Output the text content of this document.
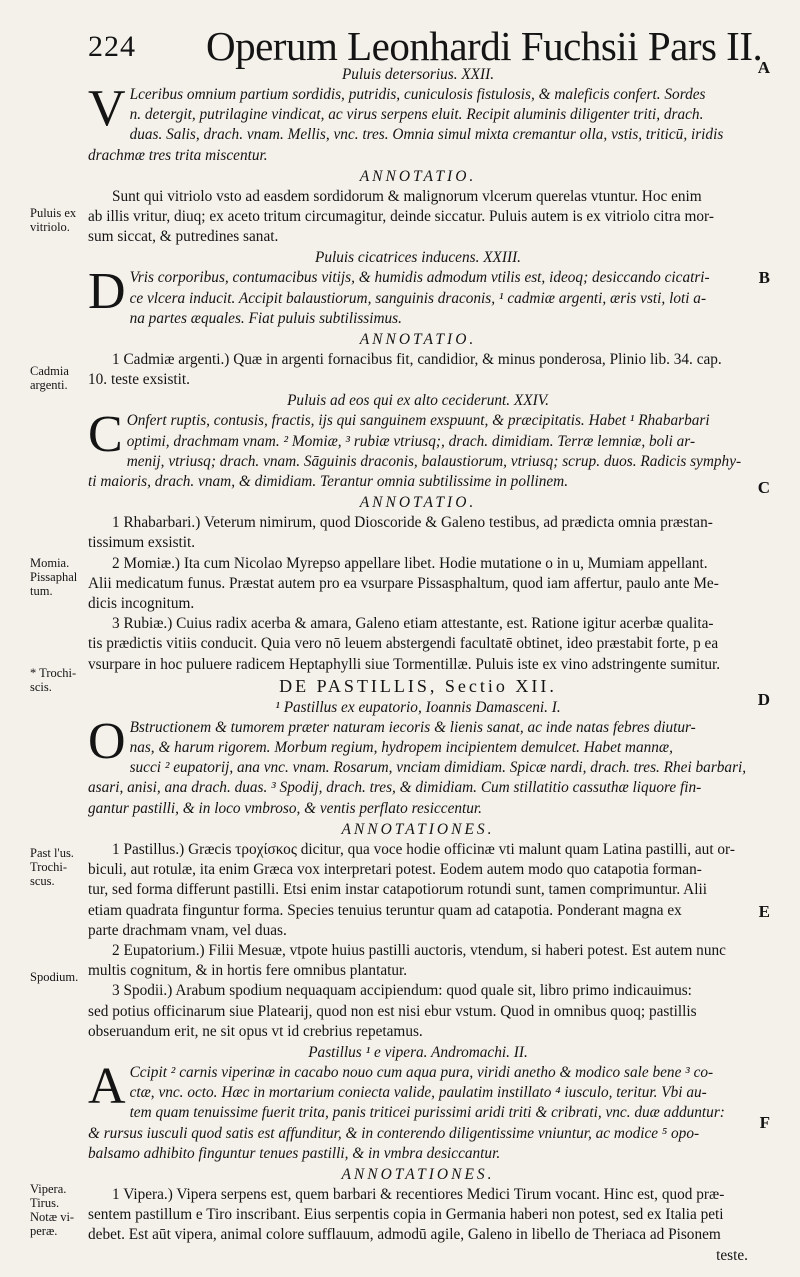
224 Operum Leonhardi Fuchsii Pars II.
A
B
C
D
E
F
Puluis ex
vitriolo.
Cadmia
argenti.
Momia.
Pissaphal
tum.
* Trochi-
scis.
Past l'us.
Trochi-
scus.
Spodium.
Vipera.
Tirus.
Notæ vi-
peræ.
Puluis detersorius. XXII.
V Lceribus omnium partium sordidis, putridis, cuniculosis fistulosis, & maleficis confert. Sordes
n. detergit, putrilagine vindicat, ac virus serpens eluit. Recipit aluminis diligenter triti, drach.
duas. Salis, drach. vnam. Mellis, vnc. tres. Omnia simul mixta cremantur olla, vstis, triticū, iridis
drachmæ tres trita miscentur.
ANNOTATIO.
Sunt qui vitriolo vsto ad easdem sordidorum & malignorum vlcerum querelas vtuntur. Hoc enim
ab illis vritur, diuq; ex aceto tritum circumagitur, deinde siccatur. Puluis autem is ex vitriolo citra mor-
sum siccat, & putredines sanat.
Puluis cicatrices inducens. XXIII.
D Vris corporibus, contumacibus vitijs, & humidis admodum vtilis est, ideoq; desiccando cicatri-
ce vlcera inducit. Accipit balaustiorum, sanguinis draconis, ¹ cadmiæ argenti, æris vsti, loti a-
na partes æquales. Fiat puluis subtilissimus.
ANNOTATIO.
1 Cadmiæ argenti.) Quæ in argenti fornacibus fit, candidior, & minus ponderosa, Plinio lib. 34. cap.
10. teste exsistit.
Puluis ad eos qui ex alto ceciderunt. XXIV.
C Onfert ruptis, contusis, fractis, ijs qui sanguinem exspuunt, & præcipitatis. Habet ¹ Rhabarbari
optimi, drachmam vnam. ² Momiæ, ³ rubiæ vtriusq;, drach. dimidiam. Terræ lemniæ, boli ar-
menij, vtriusq; drach. vnam. Sāguinis draconis, balaustiorum, vtriusq; scrup. duos. Radicis symphy-
ti maioris, drach. vnam, & dimidiam. Terantur omnia subtilissime in pollinem.
ANNOTATIO.
1 Rhabarbari.) Veterum nimirum, quod Dioscoride & Galeno testibus, ad prædicta omnia præstan-
tissimum exsistit.
2 Momiæ.) Ita cum Nicolao Myrepso appellare libet. Hodie mutatione o in u, Mumiam appellant.
Alii medicatum funus. Præstat autem pro ea vsurpare Pissasphaltum, quod iam affertur, paulo ante Me-
dicis incognitum.
3 Rubiæ.) Cuius radix acerba & amara, Galeno etiam attestante, est. Ratione igitur acerbæ qualita-
tis prædictis vitiis conducit. Quia vero nō leuem abstergendi facultatē obtinet, ideo præstabit forte, p ea
vsurpare in hoc puluere radicem Heptaphylli siue Tormentillæ. Puluis iste ex vino adstringente sumitur.
DE PASTILLIS, Sectio XII.
¹ Pastillus ex eupatorio, Ioannis Damasceni. I.
O Bstructionem & tumorem præter naturam iecoris & lienis sanat, ac inde natas febres diutur-
nas, & harum rigorem. Morbum regium, hydropem incipientem demulcet. Habet mannæ,
succi ² eupatorij, ana vnc. vnam. Rosarum, vnciam dimidiam. Spicæ nardi, drach. tres. Rhei barbari,
asari, anisi, ana drach. duas. ³ Spodij, drach. tres, & dimidiam. Cum stillatitio cassuthæ liquore fin-
gantur pastilli, & in loco vmbroso, & ventis perflato resiccentur.
ANNOTATIONES.
1 Pastillus.) Græcis τροχίσκος dicitur, qua voce hodie officinæ vti malunt quam Latina pastilli, aut or-
biculi, aut rotulæ, ita enim Græca vox interpretari potest. Eodem autem modo quo catapotia forman-
tur, sed forma differunt pastilli. Etsi enim instar catapotiorum rotundi sunt, tamen comprimuntur. Alii
etiam quadrata finguntur forma. Species tenuius teruntur quam ad catapotia. Ponderant magna ex
parte drachmam vnam, vel duas.
2 Eupatorium.) Filii Mesuæ, vtpote huius pastilli auctoris, vtendum, si haberi potest. Est autem nunc
multis cognitum, & in hortis fere omnibus plantatur.
3 Spodii.) Arabum spodium nequaquam accipiendum: quod quale sit, libro primo indicauimus:
sed potius officinarum siue Platearij, quod non est nisi ebur vstum. Quod in omnibus quoq; pastillis
obseruandum erit, ne sit opus vt id crebrius repetamus.
Pastillus ¹ e vipera. Andromachi. II.
A Ccipit ² carnis viperinæ in cacabo nouo cum aqua pura, viridi anetho & modico sale bene ³ co-
ctæ, vnc. octo. Hæc in mortarium coniecta valide, paulatim instillato ⁴ iusculo, teritur. Vbi au-
tem quam tenuissime fuerit trita, panis triticei purissimi aridi triti & cribrati, vnc. duæ adduntur:
& rursus iusculi quod satis est affunditur, & in conterendo diligentissime vniuntur, ac modice ⁵ opo-
balsamo adhibito finguntur tenues pastilli, & in vmbra desiccantur.
ANNOTATIONES.
1 Vipera.) Vipera serpens est, quem barbari & recentiores Medici Tirum vocant. Hinc est, quod præ-
sentem pastillum e Tiro inscribant. Eius serpentis copia in Germania haberi non potest, sed ex Italia peti
debet. Est aūt vipera, animal colore sufflauum, admodū agile, Galeno in libello de Theriaca ad Pisonem
teste.
